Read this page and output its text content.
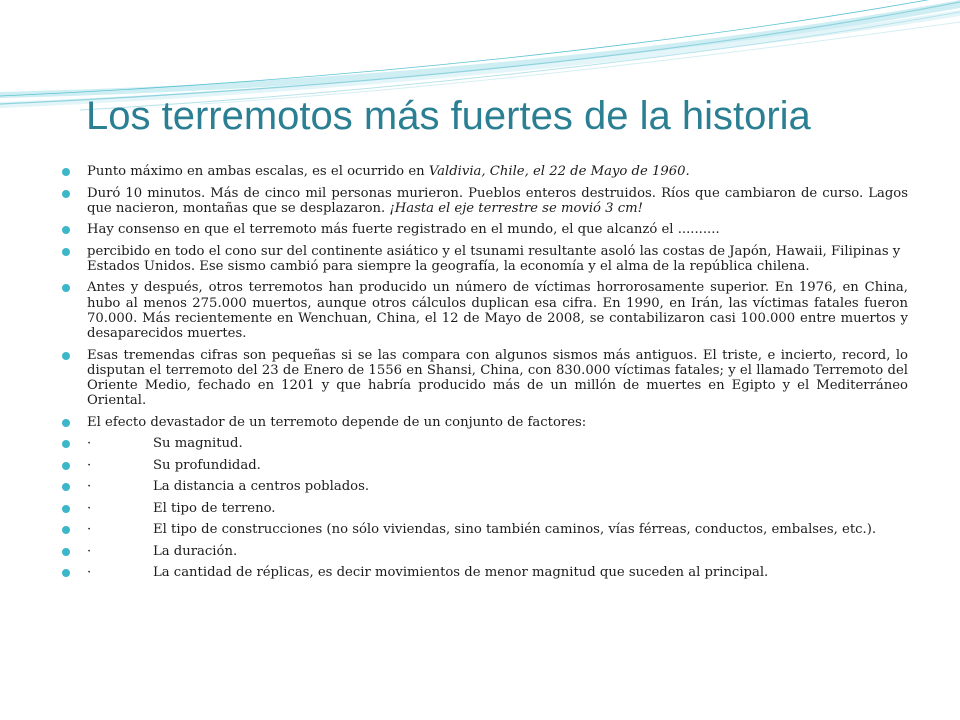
Los terremotos más fuertes de la historia
Punto máximo en ambas escalas, es el ocurrido en Valdivia, Chile, el 22 de Mayo de 1960.
Duró 10 minutos. Más de cinco mil personas murieron. Pueblos enteros destruidos. Ríos que cambiaron de curso. Lagos que nacieron, montañas que se desplazaron. ¡Hasta el eje terrestre se movió 3 cm!
Hay consenso en que el terremoto más fuerte registrado en el mundo, el que alcanzó el ..........
percibido en todo el cono sur del continente asiático y el tsunami resultante asoló las costas de Japón, Hawaii, Filipinas y Estados Unidos. Ese sismo cambió para siempre la geografía, la economía y el alma de la república chilena.
Antes y después, otros terremotos han producido un número de víctimas horrorosamente superior. En 1976, en China, hubo al menos 275.000 muertos, aunque otros cálculos duplican esa cifra. En 1990, en Irán, las víctimas fatales fueron 70.000. Más recientemente en Wenchuan, China, el 12 de Mayo de 2008, se contabilizaron casi 100.000 entre muertos y desaparecidos muertes.
Esas tremendas cifras son pequeñas si se las compara con algunos sismos más antiguos. El triste, e incierto, record, lo disputan el terremoto del 23 de Enero de 1556 en Shansi, China, con 830.000 víctimas fatales; y el llamado Terremoto del Oriente Medio, fechado en 1201 y que habría producido más de un millón de muertes en Egipto y el Mediterráneo Oriental.
El efecto devastador de un terremoto depende de un conjunto de factores:
·	Su magnitud.
·	Su profundidad.
·	La distancia a centros poblados.
·	El tipo de terreno.
·	El tipo de construcciones (no sólo viviendas, sino también caminos, vías férreas, conductos, embalses, etc.).
·	La duración.
·	La cantidad de réplicas, es decir movimientos de menor magnitud que suceden al principal.
